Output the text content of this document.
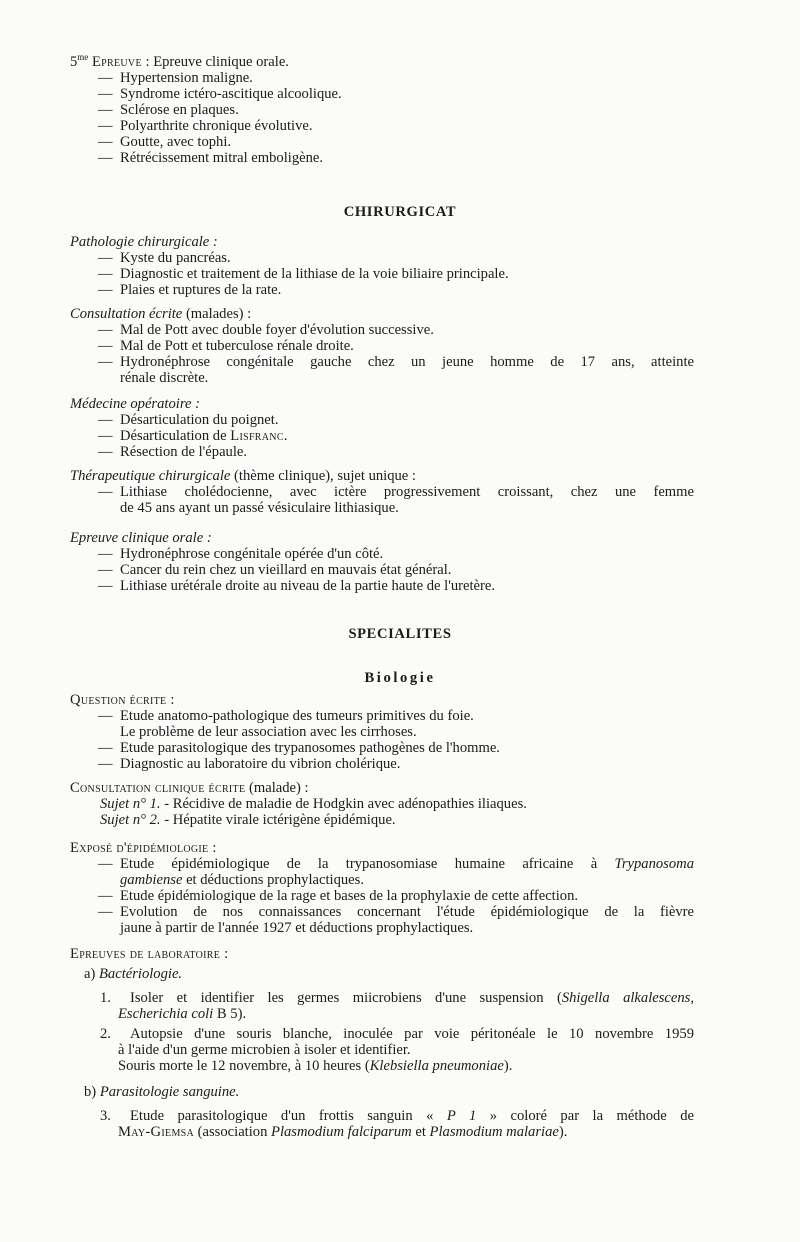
$5^{me}$ Epreuve : Epreuve clinique orale.
— Hypertension maligne.
— Syndrome ictéro-ascitique alcoolique.
— Sclérose en plaques.
— Polyarthrite chronique évolutive.
— Goutte, avec tophi.
— Rétrécissement mitral emboligène.
CHIRURGICAT
Pathologie chirurgicale :
— Kyste du pancréas.
— Diagnostic et traitement de la lithiase de la voie biliaire principale.
— Plaies et ruptures de la rate.
Consultation écrite (malades) :
— Mal de Pott avec double foyer d'évolution successive.
— Mal de Pott et tuberculose rénale droite.
— Hydronéphrose congénitale gauche chez un jeune homme de 17 ans, atteinte
rénale discrète.
Médecine opératoire :
— Désarticulation du poignet.
— Désarticulation de Lisfranc.
— Résection de l'épaule.
Thérapeutique chirurgicale (thème clinique), sujet unique :
— Lithiase cholédocienne, avec ictère progressivement croissant, chez une femme
de 45 ans ayant un passé vésiculaire lithiasique.
Epreuve clinique orale :
— Hydronéphrose congénitale opérée d'un côté.
— Cancer du rein chez un vieillard en mauvais état général.
— Lithiase urétérale droite au niveau de la partie haute de l'uretère.
SPECIALITES
Biologie
Question écrite :
— Etude anatomo-pathologique des tumeurs primitives du foie.
Le problème de leur association avec les cirrhoses.
— Etude parasitologique des trypanosomes pathogènes de l'homme.
— Diagnostic au laboratoire du vibrion cholérique.
Consultation clinique écrite (malade) :
Sujet n° 1. - Récidive de maladie de Hodgkin avec adénopathies iliaques.
Sujet n° 2. - Hépatite virale ictérigène épidémique.
Exposé d'épidémiologie :
— Etude épidémiologique de la trypanosomiase humaine africaine à Trypanosoma
gambiense et déductions prophylactiques.
— Etude épidémiologique de la rage et bases de la prophylaxie de cette affection.
— Evolution de nos connaissances concernant l'étude épidémiologique de la fièvre
jaune à partir de l'année 1927 et déductions prophylactiques.
Epreuves de laboratoire :
a) Bactériologie.
1. Isoler et identifier les germes miicrobiens d'une suspension (Shigella alkalescens,
Escherichia coli B 5).
2. Autopsie d'une souris blanche, inoculée par voie péritonéale le 10 novembre 1959
à l'aide d'un germe microbien à isoler et identifier.
Souris morte le 12 novembre, à 10 heures (Klebsiella pneumoniae).
b) Parasitologie sanguine.
3. Etude parasitologique d'un frottis sanguin « P 1 » coloré par la méthode de
May-Giemsa (association Plasmodium falciparum et Plasmodium malariae).
